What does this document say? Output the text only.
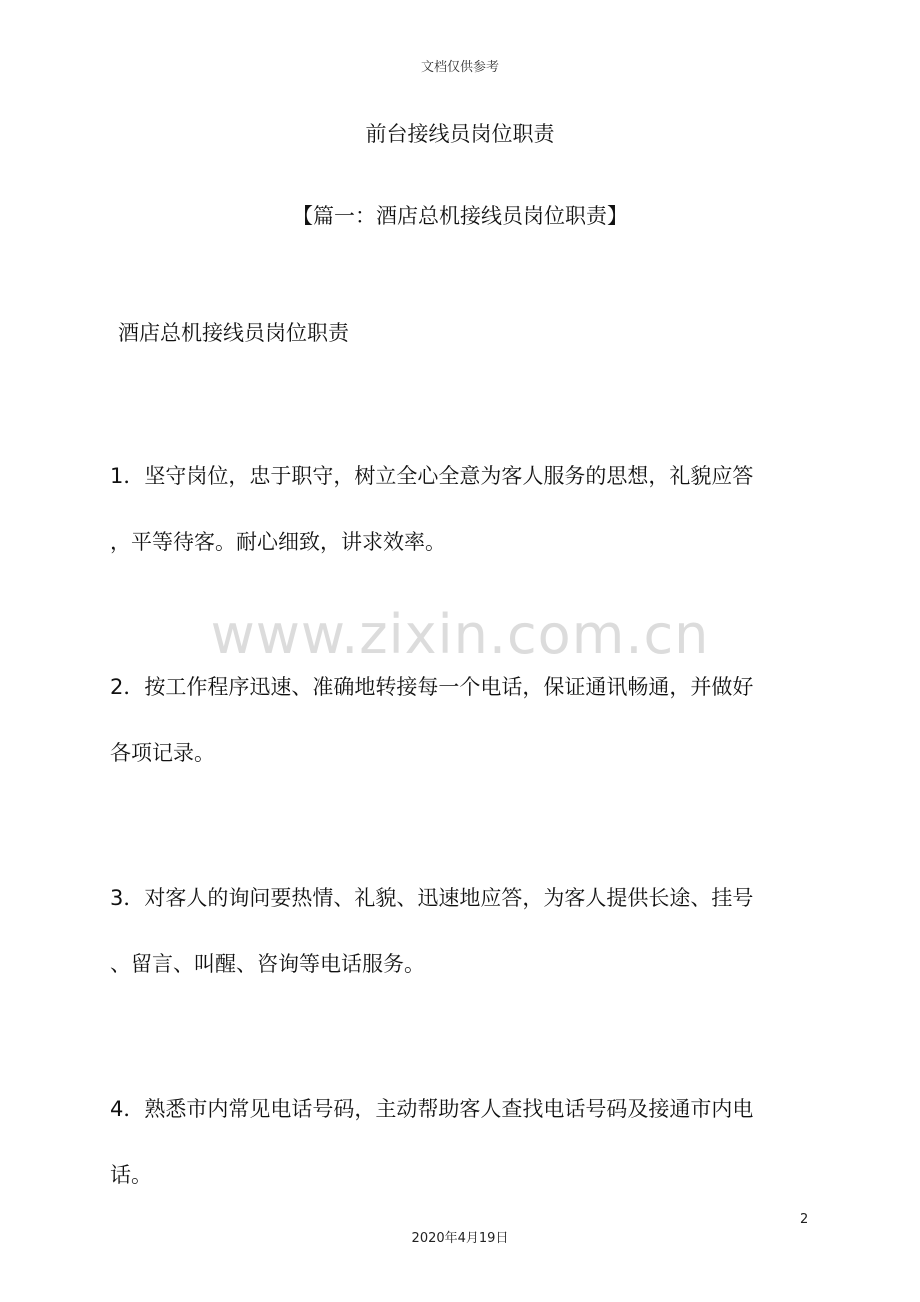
文档仅供参考
前台接线员岗位职责
【篇一：酒店总机接线员岗位职责】
酒店总机接线员岗位职责
1．坚守岗位，忠于职守，树立全心全意为客人服务的思想，礼貌应答
，平等待客。耐心细致，讲求效率。
www.zixin.com.cn
2．按工作程序迅速、准确地转接每一个电话，保证通讯畅通，并做好
各项记录。
3．对客人的询问要热情、礼貌、迅速地应答，为客人提供长途、挂号
、留言、叫醒、咨询等电话服务。
4．熟悉市内常见电话号码，主动帮助客人查找电话号码及接通市内电
话。
2
2020年4月19日
